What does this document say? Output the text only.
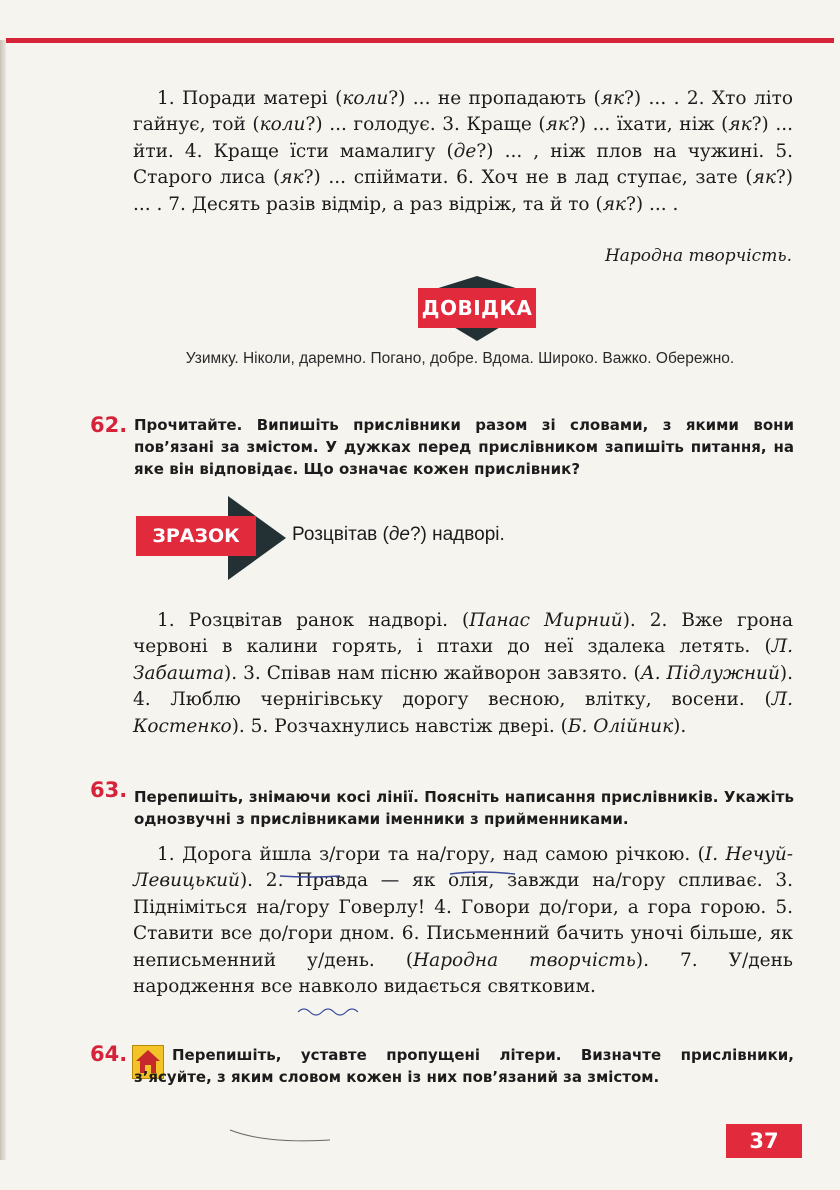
1. Поради матері (коли?) ... не пропадають (як?) ... . 2. Хто літо гайнує, той (коли?) ... голодує. 3. Краще (як?) ... їхати, ніж (як?) ... йти. 4. Краще їсти мамалигу (де?) ... , ніж плов на чужині. 5. Старого лиса (як?) ... спіймати. 6. Хоч не в лад ступає, зате (як?) ... . 7. Десять разів відмір, а раз відріж, та й то (як?) ... .

Народна творчість.
ДОВІДКА
Узимку. Ніколи, даремно. Погано, добре. Вдома. Широко. Важко. Обережно.
62. Прочитайте. Випишіть прислівники разом зі словами, з якими вони пов’язані за змістом. У дужках перед прислівником запишіть питання, на яке він відповідає. Що означає кожен прислівник?

ЗРАЗОК	Розцвітав (де?) надворі.

1. Розцвітав ранок надворі. (Панас Мирний). 2. Вже грона червоні в калини горять, і птахи до неї здалека летять. (Л. Забашта). 3. Співав нам пісню жайворон завзято. (А. Підлужний). 4. Люблю чернігівську дорогу весною, влітку, восени. (Л. Костенко). 5. Розчахнулись навстіж двері. (Б. Олійник).

63. Перепишіть, знімаючи косі лінії. Поясніть написання прислівників. Укажіть однозвучні з прислівниками іменники з прийменниками.

1. Дорога йшла з/гори та на/гору, над самою річкою. (І. Нечуй-Левицький). 2. Правда — як олія, завжди на/гору спливає. 3. Підніміться на/гору Говерлу! 4. Говори до/гори, а гора горою. 5. Ставити все до/гори дном. 6. Письменний бачить уночі більше, як неписьменний у/день. (Народна творчість). 7. У/день народження все навколо видається святковим.

64.	Перепишіть, уставте пропущені літери. Визначте прислівники, з’ясуйте, з яким словом кожен із них пов’язаний за змістом.

37
